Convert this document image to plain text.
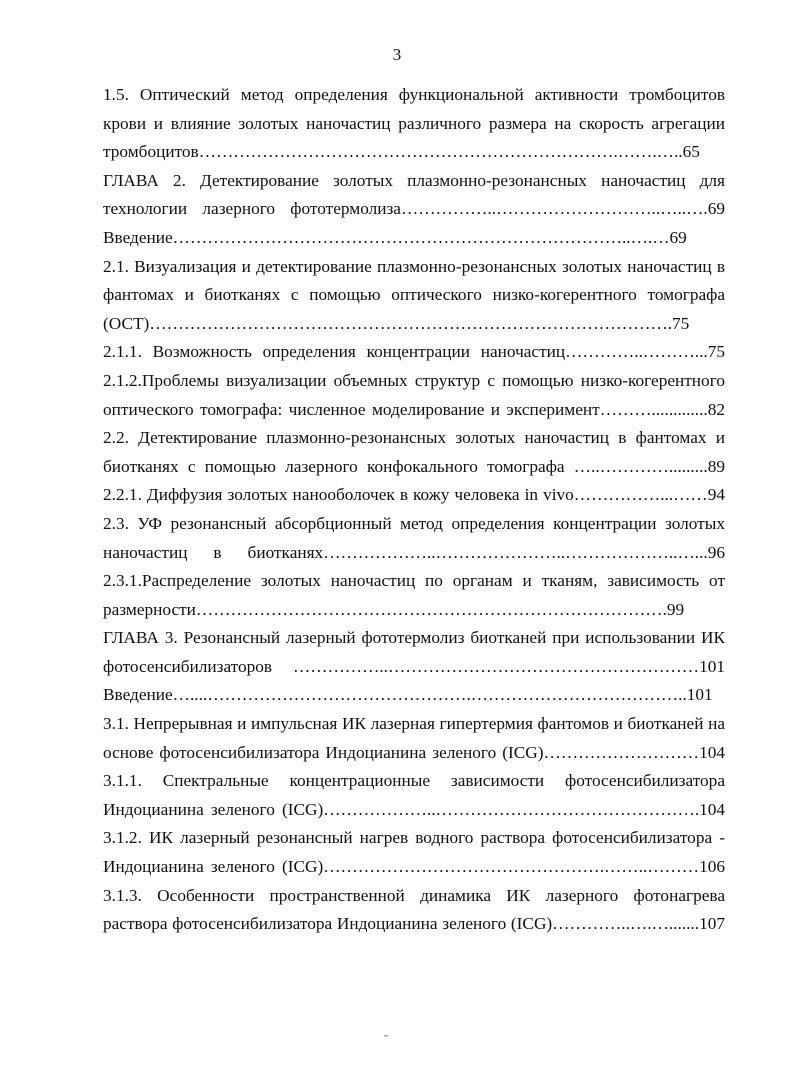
3

1.5. Оптический метод определения функциональной активности тромбоцитов

крови и влияние золотых наночастиц различного размера на скорость агрегации

тромбоцитов……………………………………………………………….…….…..65

ГЛАВА 2. Детектирование золотых плазмонно-резонансных наночастиц для

технологии лазерного фототермолиза……………..………………………..…..….69

Введение……………………………………………………………………..….…69

2.1. Визуализация и детектирование плазмонно-резонансных золотых наночастиц в

фантомах и биотканях с помощью оптического низко-когерентного томографа

(ОСТ)……………………………………………………………………………….75

2.1.1. Возможность определения концентрации наночастиц…………..………...75

2.1.2.Проблемы визуализации объемных структур с помощью низко-когерентного

оптического томографа: численное моделирование и эксперимент……….............82

2.2. Детектирование плазмонно-резонансных золотых наночастиц в фантомах и

биотканях с помощью лазерного конфокального томографа …..………….........89

2.2.1. Диффузия золотых нанооболочек в кожу человека in vivo……………...……94

2.3. УФ резонансный абсорбционный метод определения концентрации золотых

наночастиц в биотканях………………..…………………..………………..…...96

2.3.1.Распределение золотых наночастиц по органам и тканям, зависимость от

размерности……………………………………………………………………….99

ГЛАВА 3. Резонансный лазерный фототермолиз биотканей при использовании ИК

фотосенсибилизаторов ……………..………………………………………………101

Введение…....……………………………………….………………………………..101

3.1. Непрерывная и импульсная ИК лазерная гипертермия фантомов и биотканей на

основе фотосенсибилизатора Индоцианина зеленого (ICG)………………………104

3.1.1. Спектральные концентрационные зависимости фотосенсибилизатора

Индоцианина зеленого (ICG)………………..……………………………………….104

3.1.2. ИК лазерный резонансный нагрев водного раствора фотосенсибилизатора -

Индоцианина зеленого (ICG)………………………………………….……..………106

3.1.3. Особенности пространственной динамика ИК лазерного фотонагрева

раствора фотосенсибилизатора Индоцианина зеленого (ICG)…………..….….......107

˘
